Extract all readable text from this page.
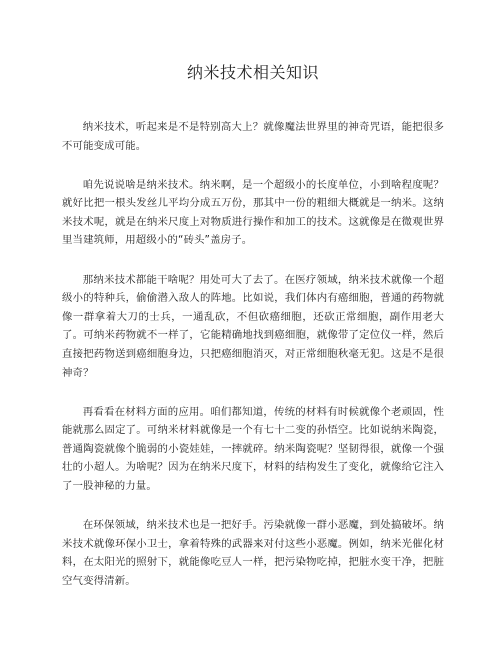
纳米技术相关知识

纳米技术，听起来是不是特别高大上？就像魔法世界里的神奇咒语，能把很多不可能变成可能。

咱先说说啥是纳米技术。纳米啊，是一个超级小的长度单位，小到啥程度呢？就好比把一根头发丝儿平均分成五万份，那其中一份的粗细大概就是一纳米。这纳米技术呢，就是在纳米尺度上对物质进行操作和加工的技术。这就像是在微观世界里当建筑师，用超级小的“砖头”盖房子。

那纳米技术都能干啥呢？用处可大了去了。在医疗领域，纳米技术就像一个超级小的特种兵，偷偷潜入敌人的阵地。比如说，我们体内有癌细胞，普通的药物就像一群拿着大刀的士兵，一通乱砍，不但砍癌细胞，还砍正常细胞，副作用老大了。可纳米药物就不一样了，它能精确地找到癌细胞，就像带了定位仪一样，然后直接把药物送到癌细胞身边，只把癌细胞消灭，对正常细胞秋毫无犯。这是不是很神奇？

再看看在材料方面的应用。咱们都知道，传统的材料有时候就像个老顽固，性能就那么固定了。可纳米材料就像是一个有七十二变的孙悟空。比如说纳米陶瓷，普通陶瓷就像个脆弱的小瓷娃娃，一摔就碎。纳米陶瓷呢？坚韧得很，就像一个强壮的小超人。为啥呢？因为在纳米尺度下，材料的结构发生了变化，就像给它注入了一股神秘的力量。

在环保领域，纳米技术也是一把好手。污染就像一群小恶魔，到处搞破坏。纳米技术就像环保小卫士，拿着特殊的武器来对付这些小恶魔。例如，纳米光催化材料，在太阳光的照射下，就能像吃豆人一样，把污染物吃掉，把脏水变干净，把脏空气变得清新。
